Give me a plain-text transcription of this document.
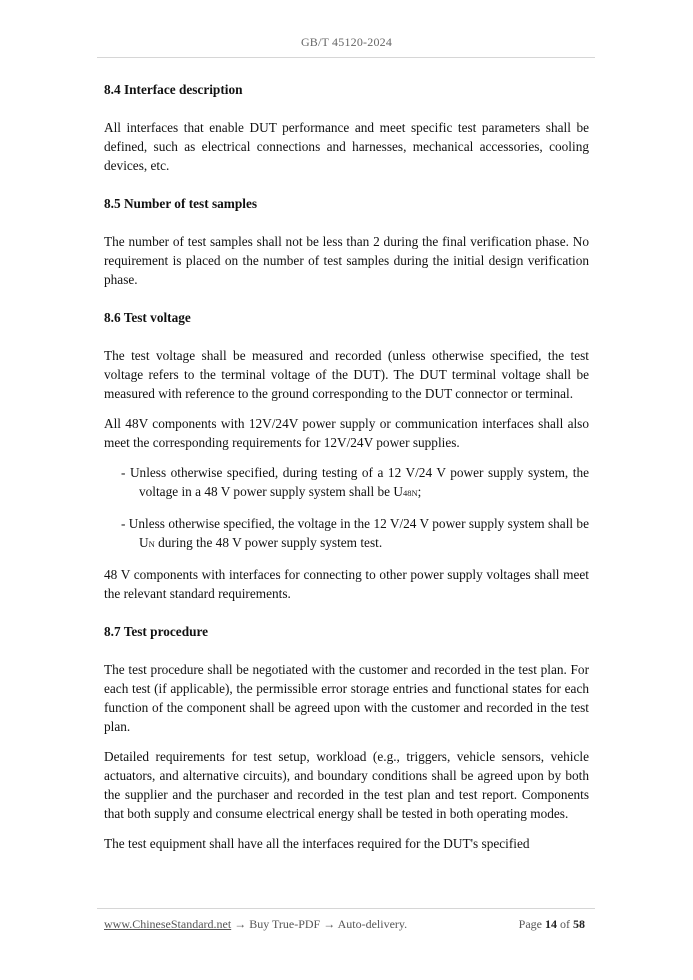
GB/T 45120-2024
8.4 Interface description

All interfaces that enable DUT performance and meet specific test parameters shall be defined, such as electrical connections and harnesses, mechanical accessories, cooling devices, etc.

8.5 Number of test samples

The number of test samples shall not be less than 2 during the final verification phase. No requirement is placed on the number of test samples during the initial design verification phase.

8.6 Test voltage

The test voltage shall be measured and recorded (unless otherwise specified, the test voltage refers to the terminal voltage of the DUT). The DUT terminal voltage shall be measured with reference to the ground corresponding to the DUT connector or terminal.

All 48V components with 12V/24V power supply or communication interfaces shall also meet the corresponding requirements for 12V/24V power supplies.

- Unless otherwise specified, during testing of a 12 V/24 V power supply system, the voltage in a 48 V power supply system shall be U48N;

- Unless otherwise specified, the voltage in the 12 V/24 V power supply system shall be UN during the 48 V power supply system test.

48 V components with interfaces for connecting to other power supply voltages shall meet the relevant standard requirements.

8.7 Test procedure

The test procedure shall be negotiated with the customer and recorded in the test plan. For each test (if applicable), the permissible error storage entries and functional states for each function of the component shall be agreed upon with the customer and recorded in the test plan.

Detailed requirements for test setup, workload (e.g., triggers, vehicle sensors, vehicle actuators, and alternative circuits), and boundary conditions shall be agreed upon by both the supplier and the purchaser and recorded in the test plan and test report. Components that both supply and consume electrical energy shall be tested in both operating modes.

The test equipment shall have all the interfaces required for the DUT's specified

www.ChineseStandard.net → Buy True-PDF → Auto-delivery.	Page 14 of 58
